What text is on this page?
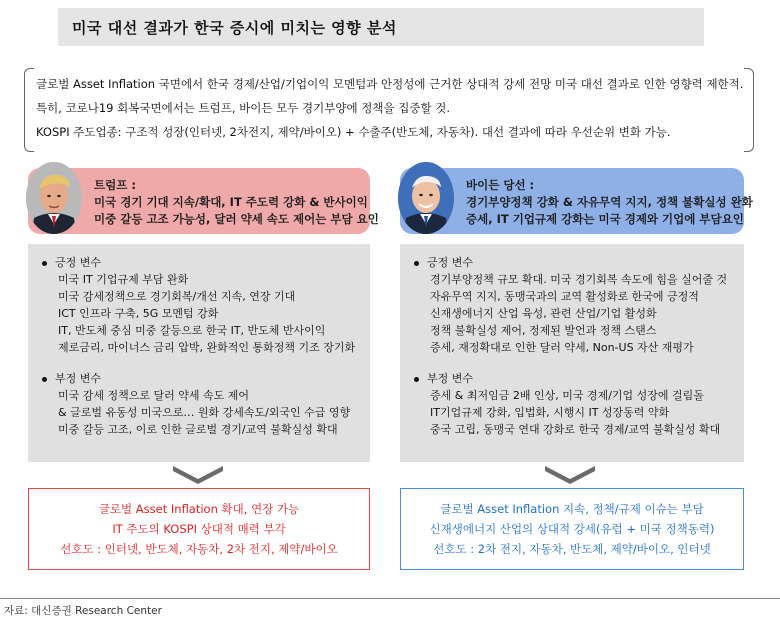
미국 대선 결과가 한국 증시에 미치는 영향 분석
글로벌 Asset Inflation 국면에서 한국 경제/산업/기업이익 모멘텀과 안정성에 근거한 상대적 강세 전망 미국 대선 결과로 인한 영향력 제한적.
특히, 코로나19 회복국면에서는 트럼프, 바이든 모두 경기부양에 정책을 집중할 것.
KOSPI 주도업종: 구조적 성장(인터넷, 2차전지, 제약/바이오) + 수출주(반도체, 자동차). 대선 결과에 따라 우선순위 변화 가능.
트럼프 :
미국 경기 기대 지속/확대, IT 주도력 강화 & 반사이익
미중 갈등 고조 가능성, 달러 약세 속도 제어는 부담 요인
바이든 당선 :
경기부양정책 강화 & 자유무역 지지, 정책 불확실성 완화
증세, IT 기업규제 강화는 미국 경제와 기업에 부담요인
긍정 변수
미국 IT 기업규제 부담 완화
미국 감세정책으로 경기회복/개선 지속, 연장 기대
ICT 인프라 구축, 5G 모멘텀 강화
IT, 반도체 중심 미중 갈등으로 한국 IT, 반도체 반사이익
제로금리, 마이너스 금리 압박, 완화적인 통화정책 기조 장기화
부정 변수
미국 감세 정책으로 달러 약세 속도 제어
& 글로벌 유동성 미국으로… 원화 강세속도/외국인 수급 영향
미중 갈등 고조, 이로 인한 글로벌 경기/교역 불확실성 확대
긍정 변수
경기부양정책 규모 확대. 미국 경기회복 속도에 힘을 실어줄 것
자유무역 지지, 동맹국과의 교역 활성화로 한국에 긍정적
신재생에너지 산업 육성, 관련 산업/기업 활성화
정책 불확실성 제어, 정제된 발언과 정책 스탠스
증세, 재정확대로 인한 달러 약세, Non-US 자산 재평가
부정 변수
증세 & 최저임금 2배 인상, 미국 경제/기업 성장에 걸림돌
IT기업규제 강화, 입법화, 시행시 IT 성장동력 약화
중국 고립, 동맹국 연대 강화로 한국 경제/교역 불확실성 확대
글로벌 Asset Inflation 확대, 연장 가능
IT 주도의 KOSPI 상대적 매력 부각
선호도 : 인터넷, 반도체, 자동차, 2차 전지, 제약/바이오
글로벌 Asset Inflation 지속, 정책/규제 이슈는 부담
신재생에너지 산업의 상대적 강세(유럽 + 미국 정책동력)
선호도 : 2차 전지, 자동차, 반도체, 제약/바이오, 인터넷
자료: 대신증권 Research Center
